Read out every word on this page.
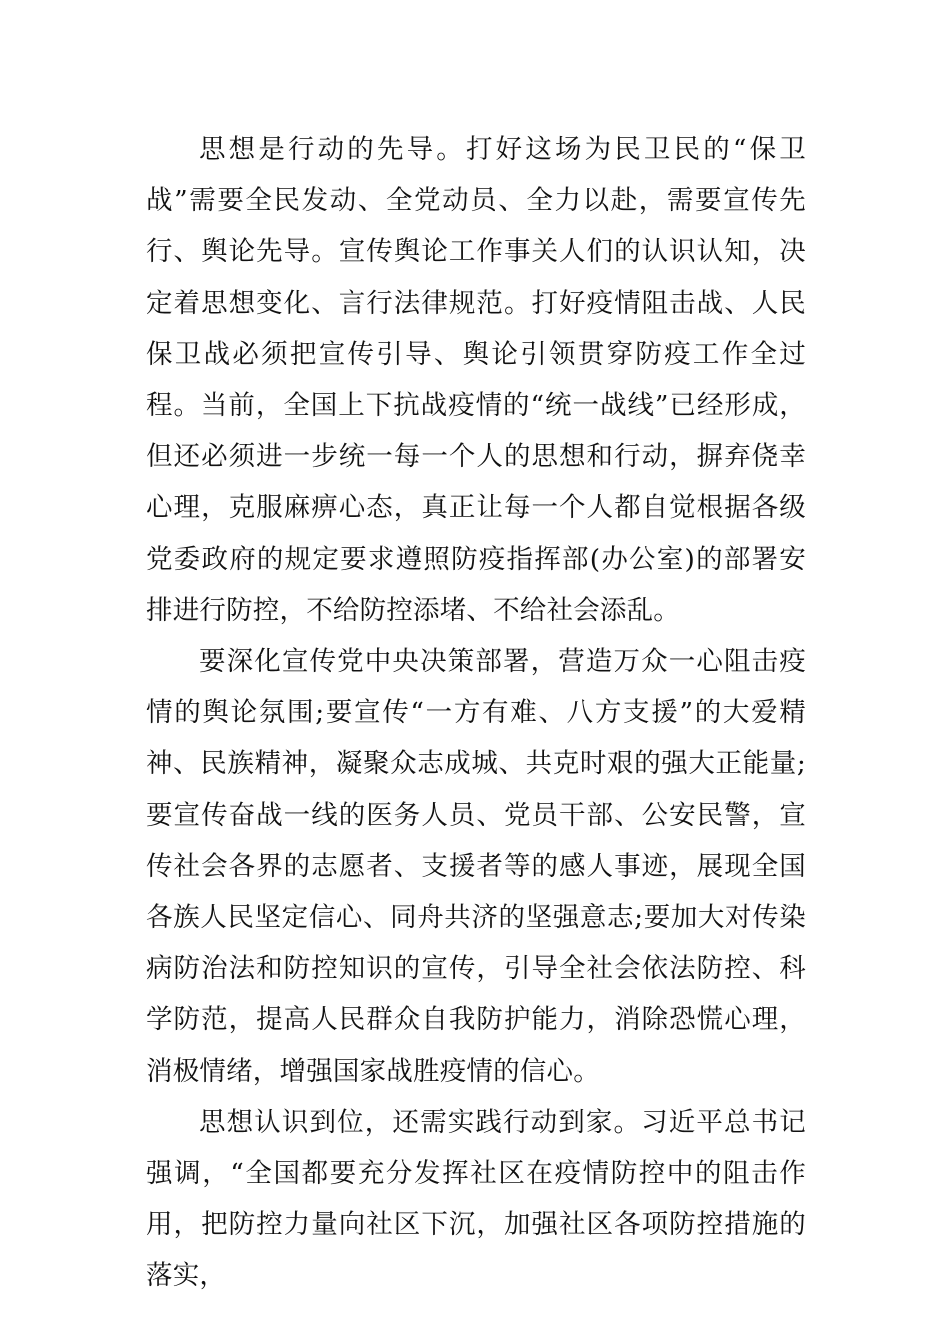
思想是行动的先导。打好这场为民卫民的“保卫战”需要全民发动、全党动员、全力以赴，需要宣传先行、舆论先导。宣传舆论工作事关人们的认识认知，决定着思想变化、言行法律规范。打好疫情阻击战、人民保卫战必须把宣传引导、舆论引领贯穿防疫工作全过程。当前，全国上下抗战疫情的“统一战线”已经形成，但还必须进一步统一每一个人的思想和行动，摒弃侥幸心理，克服麻痹心态，真正让每一个人都自觉根据各级党委政府的规定要求遵照防疫指挥部(办公室)的部署安排进行防控，不给防控添堵、不给社会添乱。

要深化宣传党中央决策部署，营造万众一心阻击疫情的舆论氛围;要宣传“一方有难、八方支援”的大爱精神、民族精神，凝聚众志成城、共克时艰的强大正能量;要宣传奋战一线的医务人员、党员干部、公安民警，宣传社会各界的志愿者、支援者等的感人事迹，展现全国各族人民坚定信心、同舟共济的坚强意志;要加大对传染病防治法和防控知识的宣传，引导全社会依法防控、科学防范，提高人民群众自我防护能力，消除恐慌心理，消极情绪，增强国家战胜疫情的信心。

思想认识到位，还需实践行动到家。习近平总书记强调，“全国都要充分发挥社区在疫情防控中的阻击作用，把防控力量向社区下沉，加强社区各项防控措施的落实，
